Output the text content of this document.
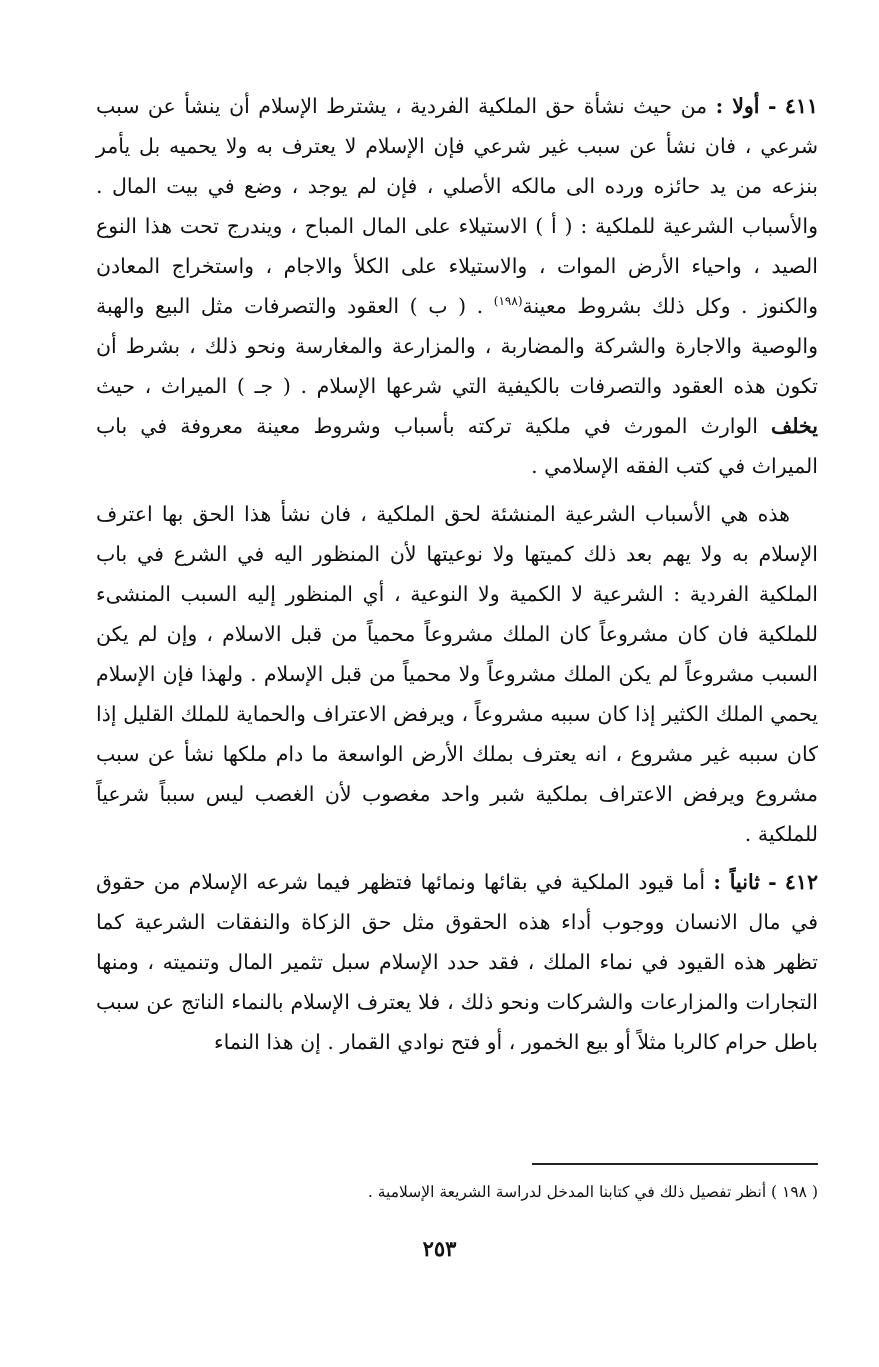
٤١١ - أولا : من حيث نشأة حق الملكية الفردية ، يشترط الإسلام أن ينشأ عن سبب شرعي ، فان نشأ عن سبب غير شرعي فإن الإسلام لا يعترف به ولا يحميه بل يأمر بنزعه من يد حائزه ورده الى مالكه الأصلي ، فإن لم يوجد ، وضع في بيت المال . والأسباب الشرعية للملكية : ( أ ) الاستيلاء على المال المباح ، ويندرج تحت هذا النوع الصيد ، واحياء الأرض الموات ، والاستيلاء على الكلأ والاجام ، واستخراج المعادن والكنوز . وكل ذلك بشروط معينة$^{(١٩٨)}$ . ( ب ) العقود والتصرفات مثل البيع والهبة والوصية والاجارة والشركة والمضاربة ، والمزارعة والمغارسة ونحو ذلك ، بشرط أن تكون هذه العقود والتصرفات بالكيفية التي شرعها الإسلام . ( جـ ) الميراث ، حيث يخلف الوارث المورث في ملكية تركته بأسباب وشروط معينة معروفة في باب الميراث في كتب الفقه الإسلامي .

هذه هي الأسباب الشرعية المنشئة لحق الملكية ، فان نشأ هذا الحق بها اعترف الإسلام به ولا يهم بعد ذلك كميتها ولا نوعيتها لأن المنظور اليه في الشرع في باب الملكية الفردية : الشرعية لا الكمية ولا النوعية ، أي المنظور إليه السبب المنشىء للملكية فان كان مشروعاً كان الملك مشروعاً محمياً من قبل الاسلام ، وإن لم يكن السبب مشروعاً لم يكن الملك مشروعاً ولا محمياً من قبل الإسلام . ولهذا فإن الإسلام يحمي الملك الكثير إذا كان سببه مشروعاً ، ويرفض الاعتراف والحماية للملك القليل إذا كان سببه غير مشروع ، انه يعترف بملك الأرض الواسعة ما دام ملكها نشأ عن سبب مشروع ويرفض الاعتراف بملكية شبر واحد مغصوب لأن الغصب ليس سبباً شرعياً للملكية .

٤١٢ - ثانياً : أما قيود الملكية في بقائها ونمائها فتظهر فيما شرعه الإسلام من حقوق في مال الانسان ووجوب أداء هذه الحقوق مثل حق الزكاة والنفقات الشرعية كما تظهر هذه القيود في نماء الملك ، فقد حدد الإسلام سبل تثمير المال وتنميته ، ومنها التجارات والمزارعات والشركات ونحو ذلك ، فلا يعترف الإسلام بالنماء الناتج عن سبب باطل حرام كالربا مثلاً أو بيع الخمور ، أو فتح نوادي القمار . إن هذا النماء

( ١٩٨ ) أنظر تفصيل ذلك في كتابنا المدخل لدراسة الشريعة الإسلامية .
٢٥٣
